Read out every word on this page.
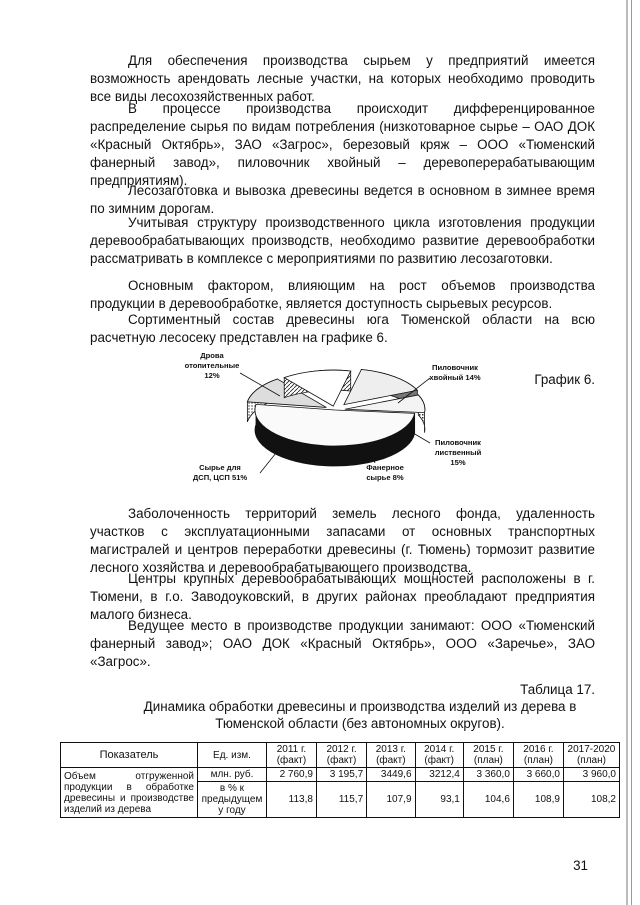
Для обеспечения производства сырьем у предприятий имеется возможность арендовать лесные участки, на которых необходимо проводить все виды лесохозяйственных работ.

В процессе производства происходит дифференцированное распределение сырья по видам потребления (низкотоварное сырье – ОАО ДОК «Красный Октябрь», ЗАО «Загрос», березовый кряж – ООО «Тюменский фанерный завод», пиловочник хвойный – деревоперерабатывающим предприятиям).

Лесозаготовка и вывозка древесины ведется в основном в зимнее время по зимним дорогам.

Учитывая структуру производственного цикла изготовления продукции деревообрабатывающих производств, необходимо развитие деревообработки рассматривать в комплексе с мероприятиями по развитию лесозаготовки.

Основным фактором, влияющим на рост объемов производства продукции в деревообработке, является доступность сырьевых ресурсов.

Сортиментный состав древесины юга Тюменской области на всю расчетную лесосеку представлен на графике 6.

График 6.
Дрова отопительные 12%
Пиловочник хвойный 14%
Пиловочник лиственный 15%
Фанерное сырье 8%
Сырье для ДСП, ЦСП 51%

Заболоченность территорий земель лесного фонда, удаленность участков с эксплуатационными запасами от основных транспортных магистралей и центров переработки древесины (г. Тюмень) тормозит развитие лесного хозяйства и деревообрабатывающего производства.

Центры крупных деревообрабатывающих мощностей расположены в г. Тюмени, в г.о. Заводоуковский, в других районах преобладают предприятия малого бизнеса.

Ведущее место в производстве продукции занимают: ООО «Тюменский фанерный завод»; ОАО ДОК «Красный Октябрь», ООО «Заречье», ЗАО «Загрос».

Таблица 17.
Динамика обработки древесины и производства изделий из дерева в Тюменской области (без автономных округов).
Показатель	Ед. изм.	2011 г. (факт)	2012 г. (факт)	2013 г. (факт)	2014 г. (факт)	2015 г. (план)	2016 г. (план)	2017-2020 (план)
Объем отгруженной продукции в обработке древесины и производстве изделий из дерева	млн. руб.	2 760,9	3 195,7	3449,6	3212,4	3 360,0	3 660,0	3 960,0
	в % к предыдущем у году	113,8	115,7	107,9	93,1	104,6	108,9	108,2
31
